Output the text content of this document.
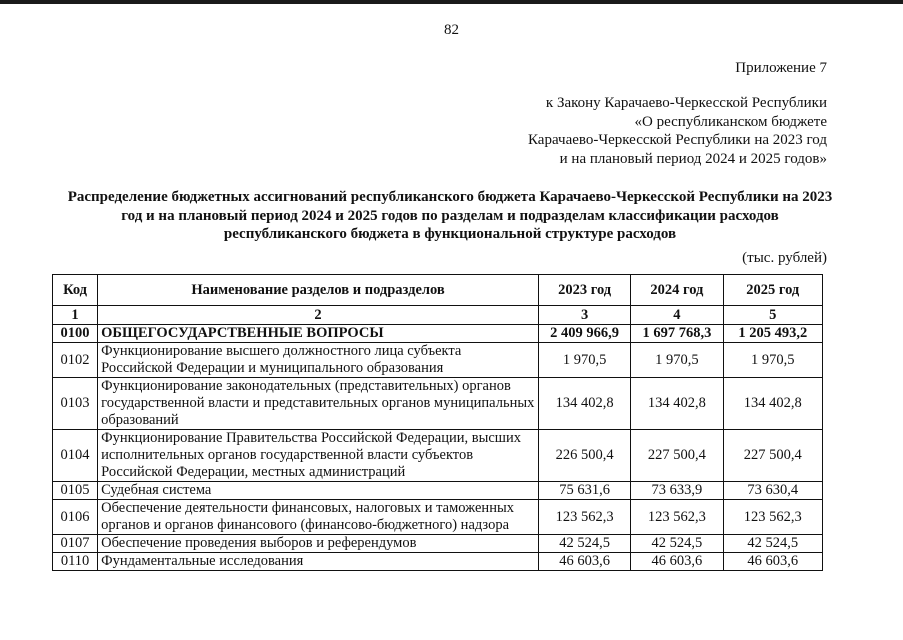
82
Приложение 7
к Закону Карачаево-Черкесской Республики
«О республиканском бюджете
Карачаево-Черкесской Республики на 2023 год
и на плановый период 2024 и 2025 годов»
Распределение бюджетных ассигнований республиканского бюджета Карачаево-Черкесской Республики на 2023
год и на плановый период 2024 и 2025 годов по разделам и подразделам классификации расходов
республиканского бюджета в функциональной структуре расходов
(тыс. рублей)
Код	Наименование разделов и подразделов	2023 год	2024 год	2025 год
1	2	3	4	5
0100	ОБЩЕГОСУДАРСТВЕННЫЕ ВОПРОСЫ	2 409 966,9	1 697 768,3	1 205 493,2
0102	Функционирование высшего должностного лица субъекта Российской Федерации и муниципального образования	1 970,5	1 970,5	1 970,5
0103	Функционирование законодательных (представительных) органов государственной власти и представительных органов муниципальных образований	134 402,8	134 402,8	134 402,8
0104	Функционирование Правительства Российской Федерации, высших исполнительных органов государственной власти субъектов Российской Федерации, местных администраций	226 500,4	227 500,4	227 500,4
0105	Судебная система	75 631,6	73 633,9	73 630,4
0106	Обеспечение деятельности финансовых, налоговых и таможенных органов и органов финансового (финансово-бюджетного) надзора	123 562,3	123 562,3	123 562,3
0107	Обеспечение проведения выборов и референдумов	42 524,5	42 524,5	42 524,5
0110	Фундаментальные исследования	46 603,6	46 603,6	46 603,6
